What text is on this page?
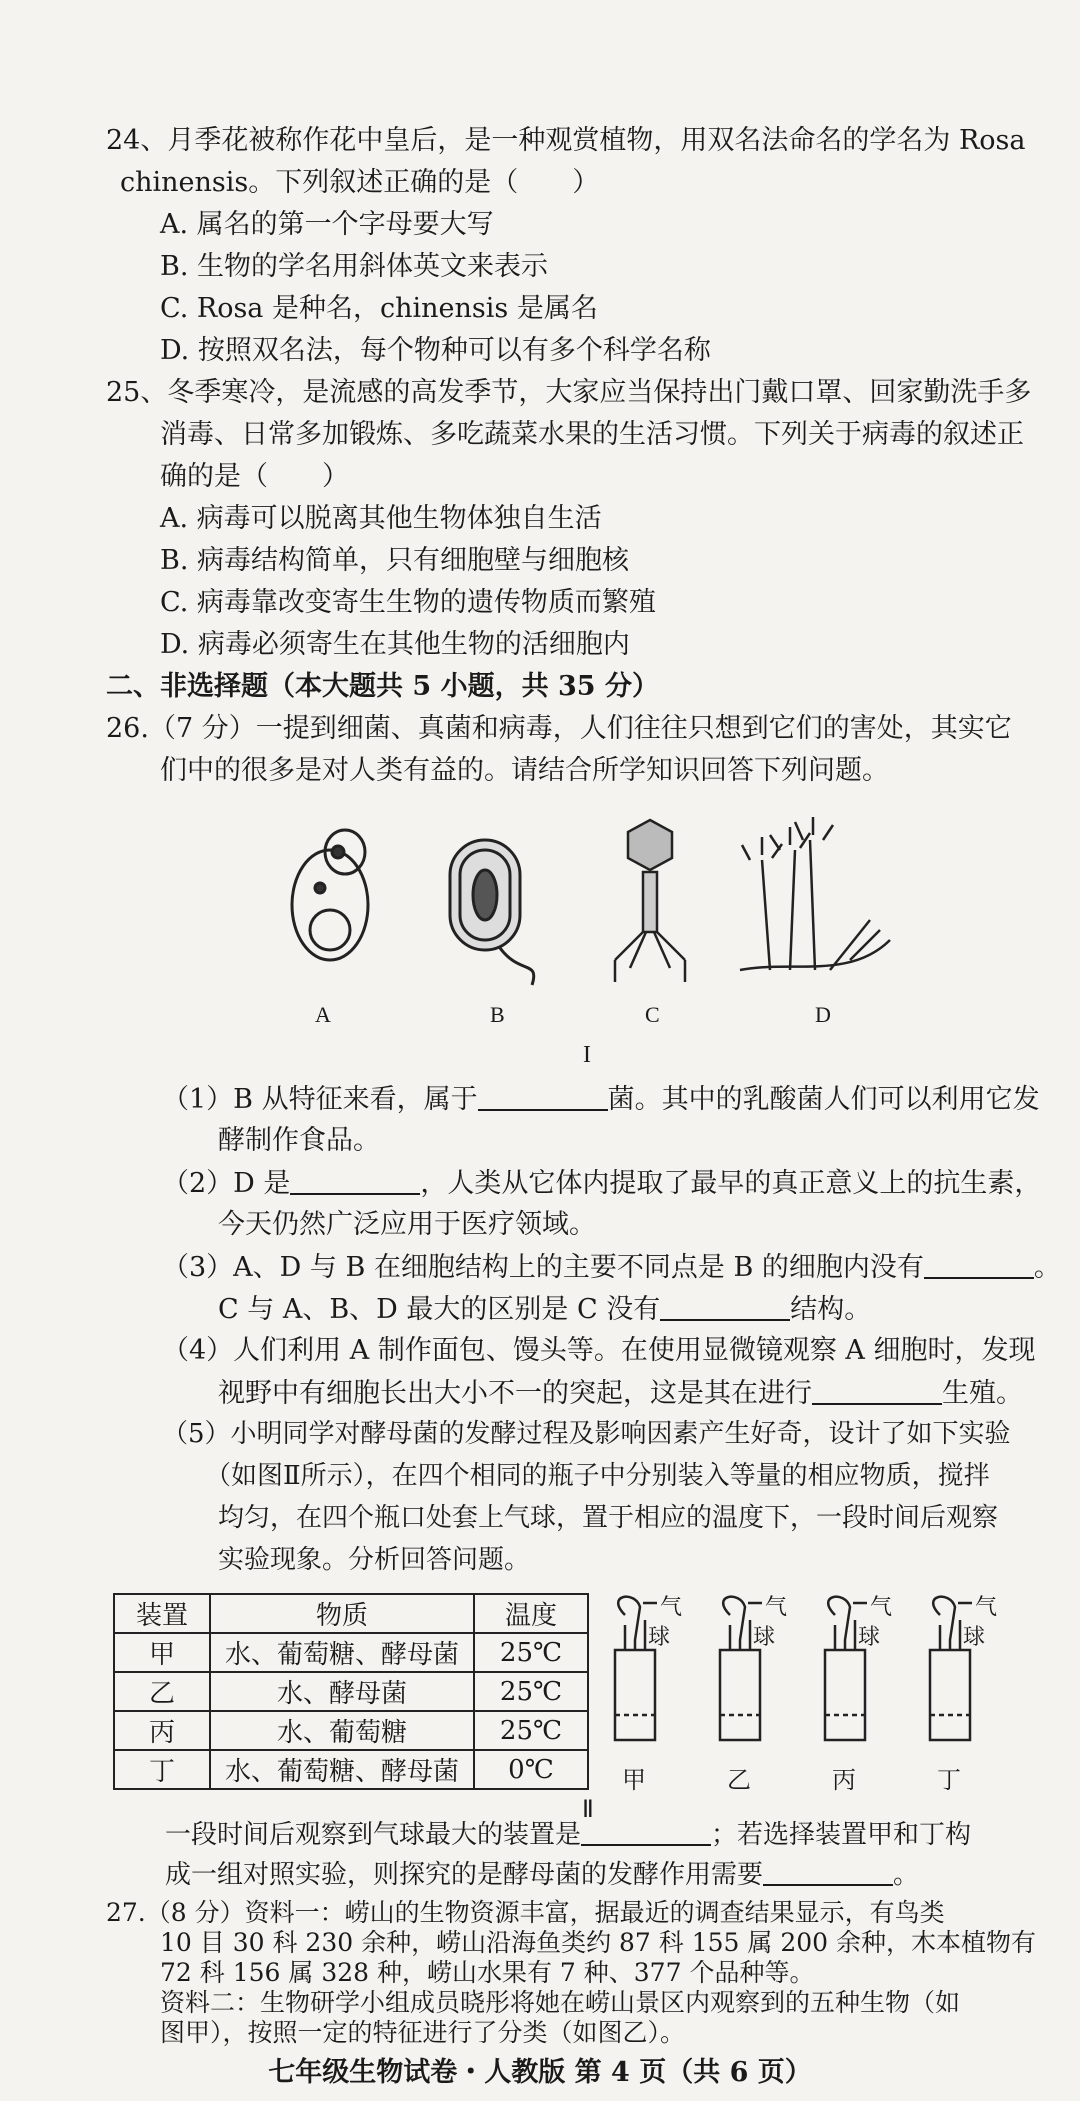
24、月季花被称作花中皇后，是一种观赏植物，用双名法命名的学名为 Rosa
chinensis。下列叙述正确的是（　　）
A. 属名的第一个字母要大写
B. 生物的学名用斜体英文来表示
C. Rosa 是种名，chinensis 是属名
D. 按照双名法，每个物种可以有多个科学名称
25、冬季寒冷，是流感的高发季节，大家应当保持出门戴口罩、回家勤洗手多
消毒、日常多加锻炼、多吃蔬菜水果的生活习惯。下列关于病毒的叙述正
确的是（　　）
A. 病毒可以脱离其他生物体独自生活
B. 病毒结构简单，只有细胞壁与细胞核
C. 病毒靠改变寄生生物的遗传物质而繁殖
D. 病毒必须寄生在其他生物的活细胞内
二、非选择题（本大题共 5 小题，共 35 分）
26.（7 分）一提到细菌、真菌和病毒，人们往往只想到它们的害处，其实它
们中的很多是对人类有益的。请结合所学知识回答下列问题。
A	B	C	D
I
（1）B 从特征来看，属于	菌。其中的乳酸菌人们可以利用它发
酵制作食品。
（2）D 是	，人类从它体内提取了最早的真正意义上的抗生素，
今天仍然广泛应用于医疗领域。
（3）A、D 与 B 在细胞结构上的主要不同点是 B 的细胞内没有	。
C 与 A、B、D 最大的区别是 C 没有	结构。
（4）人们利用 A 制作面包、馒头等。在使用显微镜观察 A 细胞时，发现
视野中有细胞长出大小不一的突起，这是其在进行	生殖。
（5）小明同学对酵母菌的发酵过程及影响因素产生好奇，设计了如下实验
（如图Ⅱ所示），在四个相同的瓶子中分别装入等量的相应物质，搅拌
均匀，在四个瓶口处套上气球，置于相应的温度下，一段时间后观察
实验现象。分析回答问题。
装置	物质	温度
甲	水、葡萄糖、酵母菌	25℃
乙	水、酵母菌	25℃
丙	水、葡萄糖	25℃
丁	水、葡萄糖、酵母菌	0℃
气
球
气
球
气
球
气
球
甲	乙	丙	丁
Ⅱ
一段时间后观察到气球最大的装置是	；若选择装置甲和丁构
成一组对照实验，则探究的是酵母菌的发酵作用需要	。
七年级生物试卷・人教版 第 4 页（共 6 页）
27.（8 分）资料一：崂山的生物资源丰富，据最近的调查结果显示，有鸟类
10 目 30 科 230 余种，崂山沿海鱼类约 87 科 155 属 200 余种，木本植物有
72 科 156 属 328 种，崂山水果有 7 种、377 个品种等。
资料二：生物研学小组成员晓彤将她在崂山景区内观察到的五种生物（如
图甲），按照一定的特征进行了分类（如图乙）。
